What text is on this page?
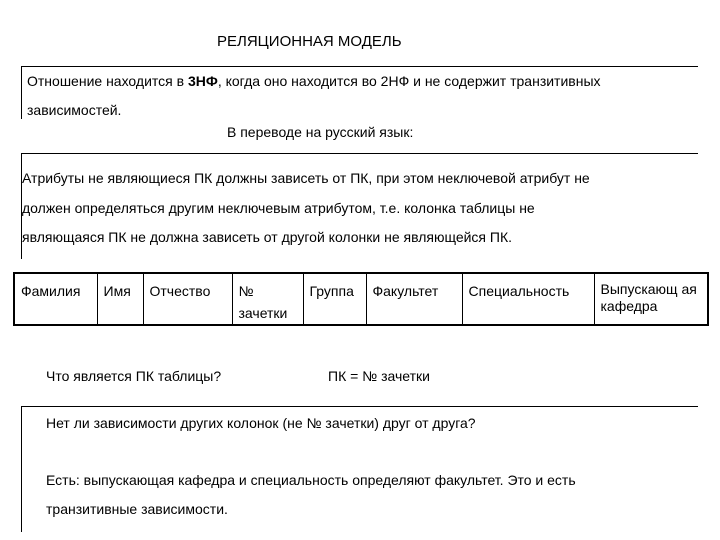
РЕЛЯЦИОННАЯ МОДЕЛЬ
Отношение находится в 3НФ, когда оно находится во 2НФ и не содержит транзитивных
зависимостей.
В переводе на русский язык:
Атрибуты не являющиеся ПК должны зависеть от ПК, при этом неключевой атрибут не
должен определяться другим неключевым атрибутом, т.е. колонка таблицы не
являющаяся ПК не должна зависеть от другой колонки не являющейся ПК.
Фамилия	Имя	Отчество	№ зачетки	Группа	Факультет	Специальность	Выпускающ ая кафедра
Что является ПК таблицы?	ПК = № зачетки
Нет ли зависимости других колонок (не № зачетки) друг от друга?
Есть: выпускающая кафедра и специальность определяют факультет. Это и есть
транзитивные зависимости.
